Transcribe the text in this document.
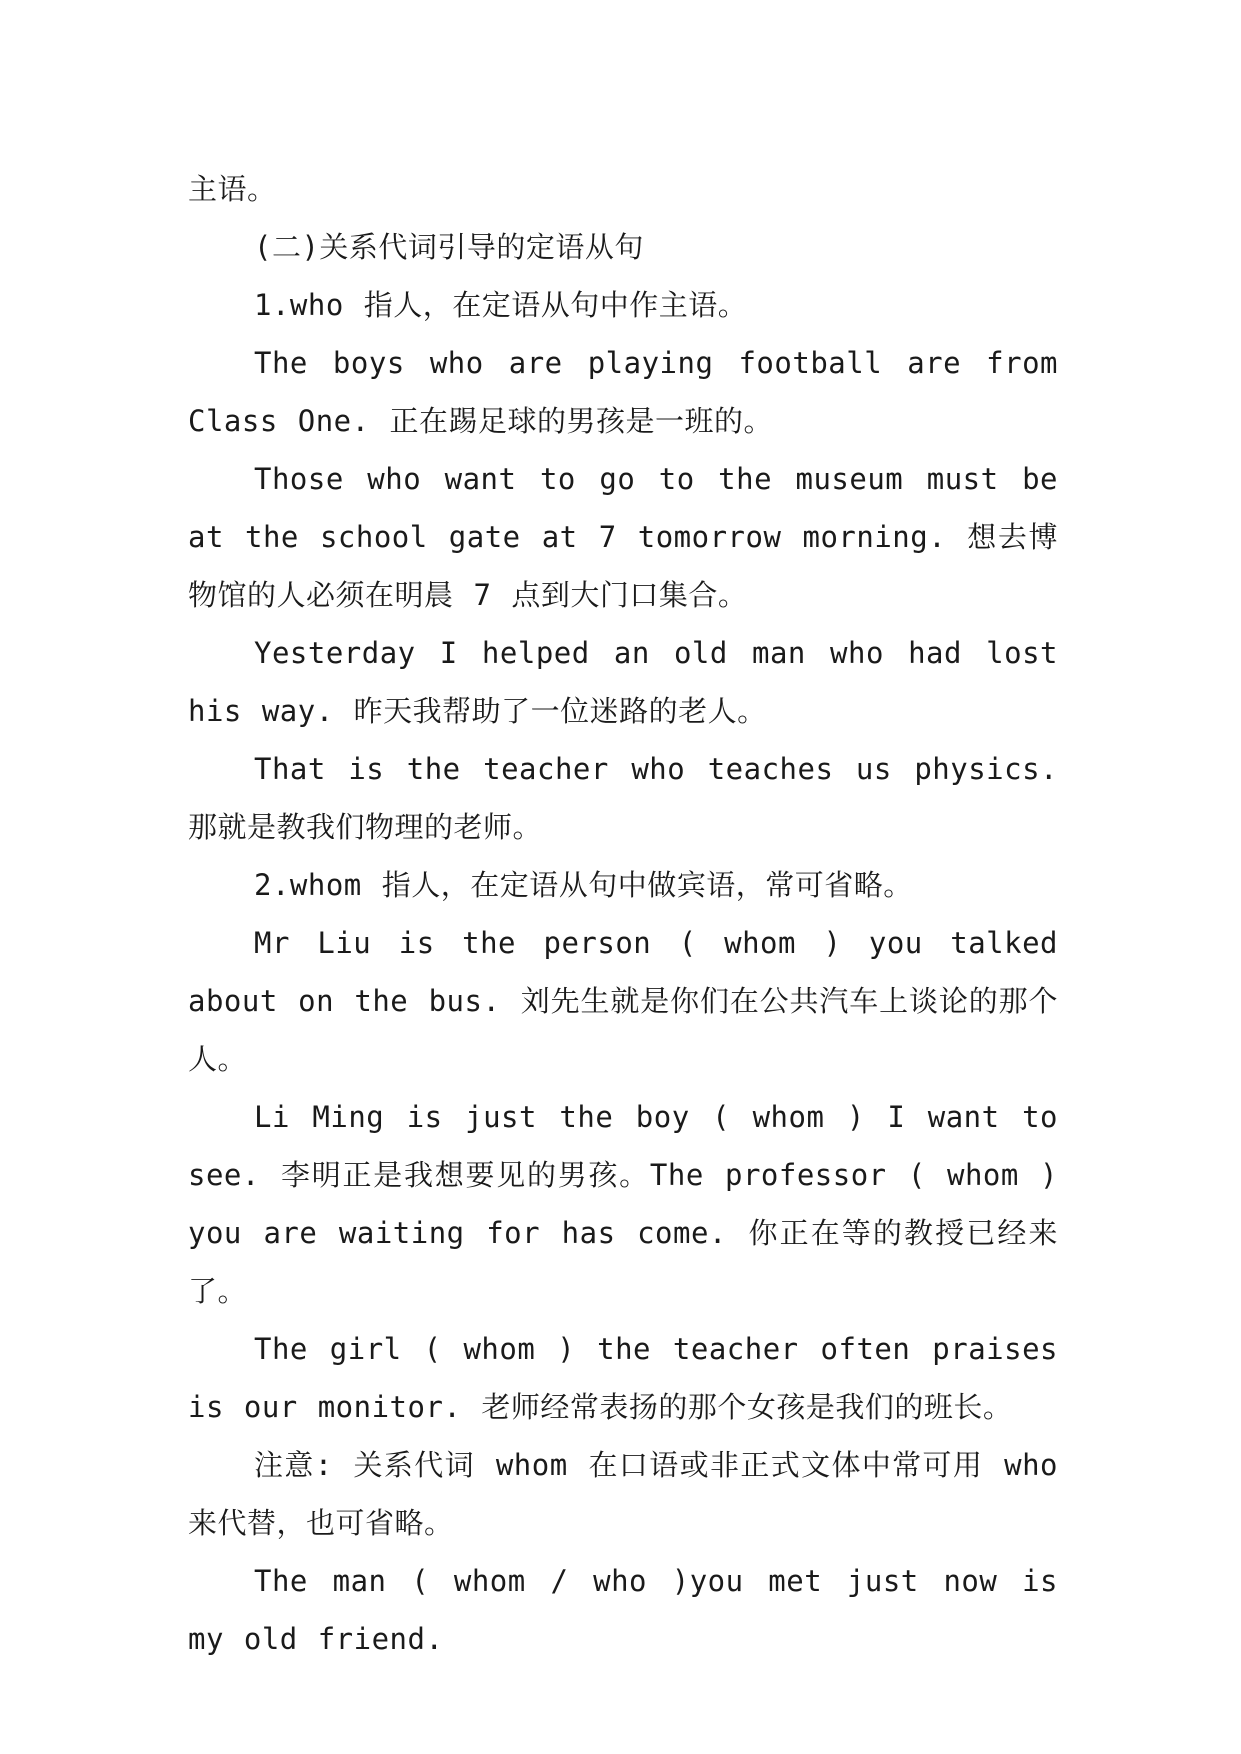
主语。

(二)关系代词引导的定语从句

1.who 指人，在定语从句中作主语。

The boys who are playing football are from Class One. 正在踢足球的男孩是一班的。

Those who want to go to the museum must be at the school gate at 7 tomorrow morning. 想去博物馆的人必须在明晨 7 点到大门口集合。

Yesterday I helped an old man who had lost his way. 昨天我帮助了一位迷路的老人。

That is the teacher who teaches us physics. 那就是教我们物理的老师。

2.whom 指人，在定语从句中做宾语，常可省略。

Mr Liu is the person ( whom ) you talked about on the bus. 刘先生就是你们在公共汽车上谈论的那个人。

Li Ming is just the boy ( whom ) I want to see. 李明正是我想要见的男孩。The professor ( whom ) you are waiting for has come. 你正在等的教授已经来了。

The girl ( whom ) the teacher often praises is our monitor. 老师经常表扬的那个女孩是我们的班长。

注意: 关系代词 whom 在口语或非正式文体中常可用 who 来代替，也可省略。

The man ( whom / who )you met just now is my old friend.
